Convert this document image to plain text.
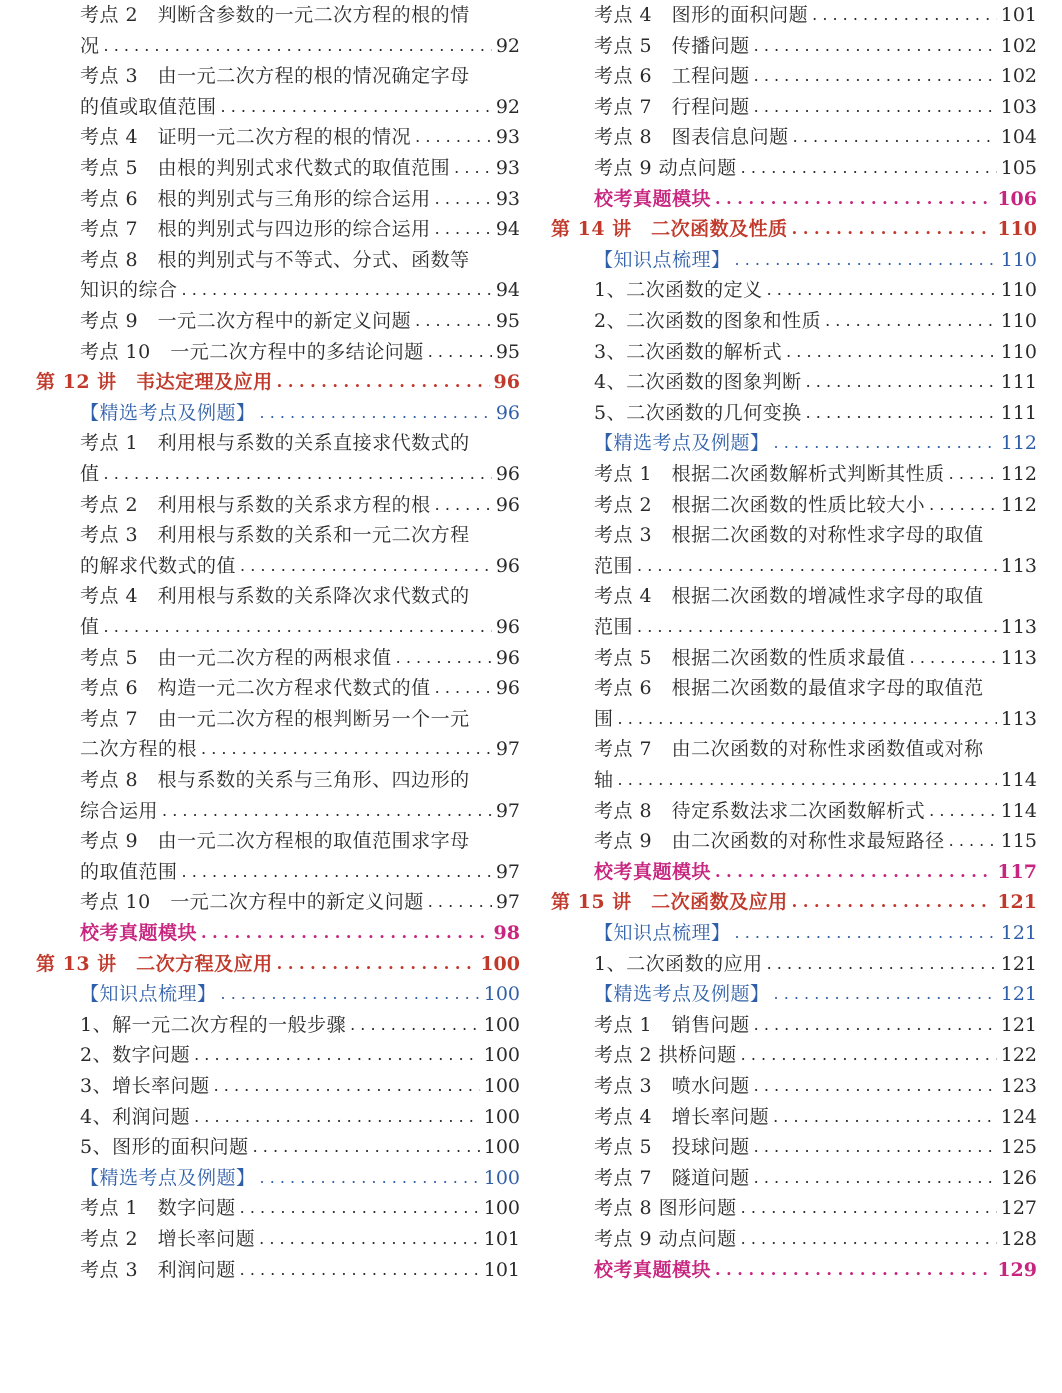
考点 2　判断含参数的一元二次方程的根的情
况 . . .	92
考点 3　由一元二次方程的根的情况确定字母
的值或取值范围 . . .	92
考点 4　证明一元二次方程的根的情况 . . .	93
考点 5　由根的判别式求代数式的取值范围 . . . 93
考点 6　根的判别式与三角形的综合运用 . . .	93
考点 7　根的判别式与四边形的综合运用 . . .	94
考点 8　根的判别式与不等式、分式、函数等
知识的综合 . . .	94
考点 9　一元二次方程中的新定义问题 . . .	95
考点 10　一元二次方程中的多结论问题 . . .	95
第 12 讲　韦达定理及应用 . . .	96
【精选考点及例题】 . . .	96
考点 1　利用根与系数的关系直接求代数式的
值 . . .	96
考点 2　利用根与系数的关系求方程的根 . . .	96
考点 3　利用根与系数的关系和一元二次方程
的解求代数式的值 . . .	96
考点 4　利用根与系数的关系降次求代数式的
值 . . .	96
考点 5　由一元二次方程的两根求值 . . .	96
考点 6　构造一元二次方程求代数式的值 . . .	96
考点 7　由一元二次方程的根判断另一个一元
二次方程的根 . . .	97
考点 8　根与系数的关系与三角形、四边形的
综合运用 . . .	97
考点 9　由一元二次方程根的取值范围求字母
的取值范围 . . .	97
考点 10　一元二次方程中的新定义问题 . . .	97
校考真题模块 . . .	98
第 13 讲　二次方程及应用 . . .	100
【知识点梳理】 . . .	100
1、解一元二次方程的一般步骤 . . .	100
2、数字问题 . . .	100
3、增长率问题 . . .	100
4、利润问题 . . .	100
5、图形的面积问题 . . .	100
【精选考点及例题】 . . .	100
考点 1　数字问题 . . .	100
考点 2　增长率问题 . . .	101
考点 3　利润问题 . . .	101
考点 4　图形的面积问题 . . .	101
考点 5　传播问题 . . .	102
考点 6　工程问题 . . .	102
考点 7　行程问题 . . .	103
考点 8　图表信息问题 . . .	104
考点 9 动点问题 . . .	105
校考真题模块 . . .	106
第 14 讲　二次函数及性质 . . .	110
【知识点梳理】 . . .	110
1、二次函数的定义 . . .	110
2、二次函数的图象和性质 . . .	110
3、二次函数的解析式 . . .	110
4、二次函数的图象判断 . . .	111
5、二次函数的几何变换 . . .	111
【精选考点及例题】 . . .	112
考点 1　根据二次函数解析式判断其性质 . . .	112
考点 2　根据二次函数的性质比较大小 . . .	112
考点 3　根据二次函数的对称性求字母的取值
范围 . . .	113
考点 4　根据二次函数的增减性求字母的取值
范围 . . .	113
考点 5　根据二次函数的性质求最值 . . .	113
考点 6　根据二次函数的最值求字母的取值范
围 . . .	113
考点 7　由二次函数的对称性求函数值或对称
轴 . . .	114
考点 8　待定系数法求二次函数解析式 . . .	114
考点 9　由二次函数的对称性求最短路径 . . .	115
校考真题模块 . . .	117
第 15 讲　二次函数及应用 . . .	121
【知识点梳理】 . . .	121
1、二次函数的应用 . . .	121
【精选考点及例题】 . . .	121
考点 1　销售问题 . . .	121
考点 2 拱桥问题 . . .	122
考点 3　喷水问题 . . .	123
考点 4　增长率问题 . . .	124
考点 5　投球问题 . . .	125
考点 7　隧道问题 . . .	126
考点 8 图形问题 . . .	127
考点 9 动点问题 . . .	128
校考真题模块 . . .	129
